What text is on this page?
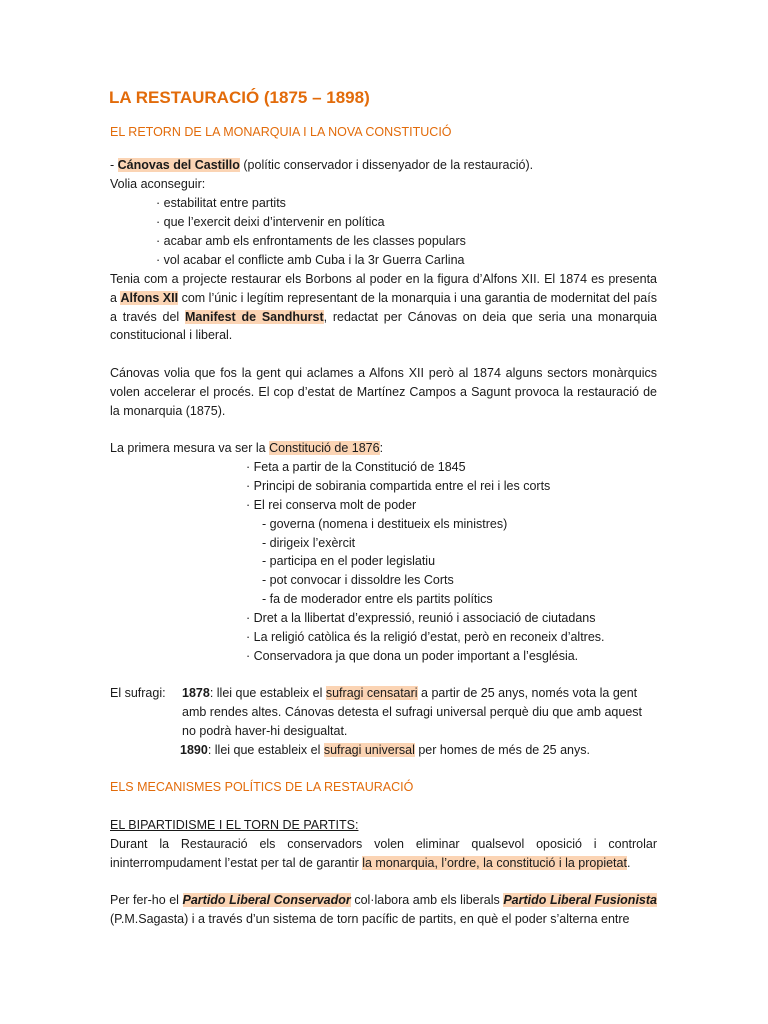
LA RESTAURACIÓ (1875 – 1898)
EL RETORN DE LA MONARQUIA I LA NOVA CONSTITUCIÓ
- Cánovas del Castillo (polític conservador i dissenyador de la restauració).
Volia aconseguir:
· estabilitat entre partits
· que l’exercit deixi d’intervenir en política
· acabar amb els enfrontaments de les classes populars
· vol acabar el conflicte amb Cuba i la 3r Guerra Carlina
Tenia com a projecte restaurar els Borbons al poder en la figura d’Alfons XII. El 1874 es presenta a Alfons XII com l’únic i legítim representant de la monarquia i una garantia de modernitat del país a través del Manifest de Sandhurst, redactat per Cánovas on deia que seria una monarquia constitucional i liberal.
Cánovas volia que fos la gent qui aclames a Alfons XII però al 1874 alguns sectors monàrquics volen accelerar el procés. El cop d’estat de Martínez Campos a Sagunt provoca la restauració de la monarquia (1875).
La primera mesura va ser la Constitució de 1876:
· Feta a partir de la Constitució de 1845
· Principi de sobirania compartida entre el rei i les corts
· El rei conserva molt de poder
- governa (nomena i destitueix els ministres)
- dirigeix l’exèrcit
- participa en el poder legislatiu
- pot convocar i dissoldre les Corts
- fa de moderador entre els partits polítics
· Dret a la llibertat d’expressió, reunió i associació de ciutadans
· La religió catòlica és la religió d’estat, però en reconeix d’altres.
· Conservadora ja que dona un poder important a l’església.
El sufragi: 1878: llei que estableix el sufragi censatari a partir de 25 anys, només vota la gent
amb rendes altes. Cánovas detesta el sufragi universal perquè diu que amb aquest
no podrà haver-hi desigualtat.
1890: llei que estableix el sufragi universal per homes de més de 25 anys.
ELS MECANISMES POLÍTICS DE LA RESTAURACIÓ
EL BIPARTIDISME I EL TORN DE PARTITS:
Durant la Restauració els conservadors volen eliminar qualsevol oposició i controlar ininterrompudament l’estat per tal de garantir la monarquia, l’ordre, la constitució i la propietat.
Per fer-ho el Partido Liberal Conservador col·labora amb els liberals Partido Liberal Fusionista (P.M.Sagasta) i a través d’un sistema de torn pacífic de partits, en què el poder s’alterna entre
